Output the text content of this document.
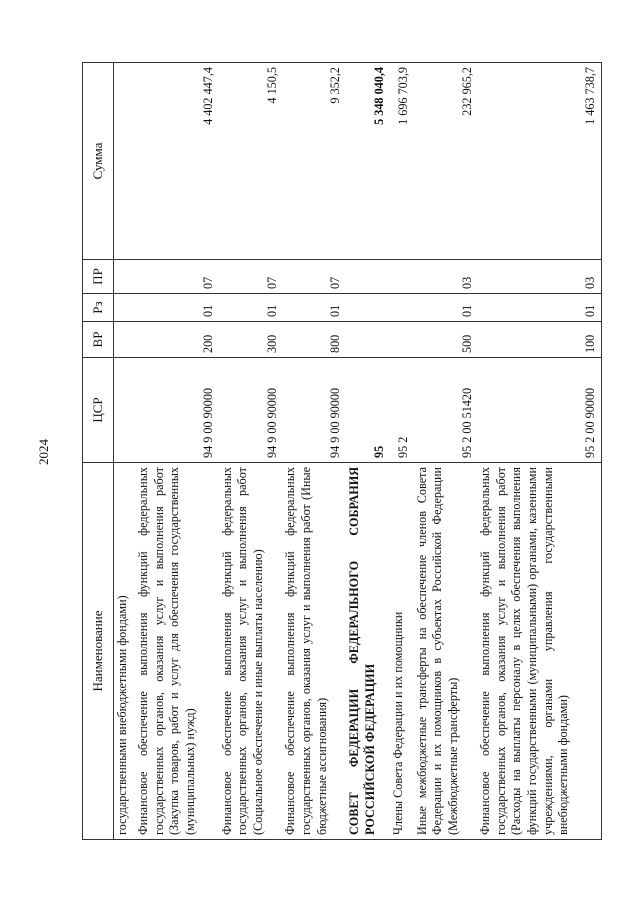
2024
Наименование	ЦСР	ВР	Рз	ПР	Сумма
государственными внебюджетными фондами)					
Финансовое обеспечение выполнения функций федеральных государственных органов, оказания услуг и выполнения работ (Закупка товаров, работ и услуг для обеспечения государственных (муниципальных) нужд)	94 9 00 90000	200	01	07	4 402 447,4
Финансовое обеспечение выполнения функций федеральных государственных органов, оказания услуг и выполнения работ (Социальное обеспечение и иные выплаты населению)	94 9 00 90000	300	01	07	4 150,5
Финансовое обеспечение выполнения функций федеральных государственных органов, оказания услуг и выполнения работ (Иные бюджетные ассигнования)	94 9 00 90000	800	01	07	9 352,2
СОВЕТ ФЕДЕРАЦИИ ФЕДЕРАЛЬНОГО СОБРАНИЯ РОССИЙСКОЙ ФЕДЕРАЦИИ	95				5 348 040,4
Члены Совета Федерации и их помощники	95 2				1 696 703,9
Иные межбюджетные трансферты на обеспечение членов Совета Федерации и их помощников в субъектах Российской Федерации (Межбюджетные трансферты)	95 2 00 51420	500	01	03	232 965,2
Финансовое обеспечение выполнения функций федеральных государственных органов, оказания услуг и выполнения работ (Расходы на выплаты персоналу в целях обеспечения выполнения функций государственными (муниципальными) органами, казенными учреждениями, органами управления государственными внебюджетными фондами)	95 2 00 90000	100	01	03	1 463 738,7
